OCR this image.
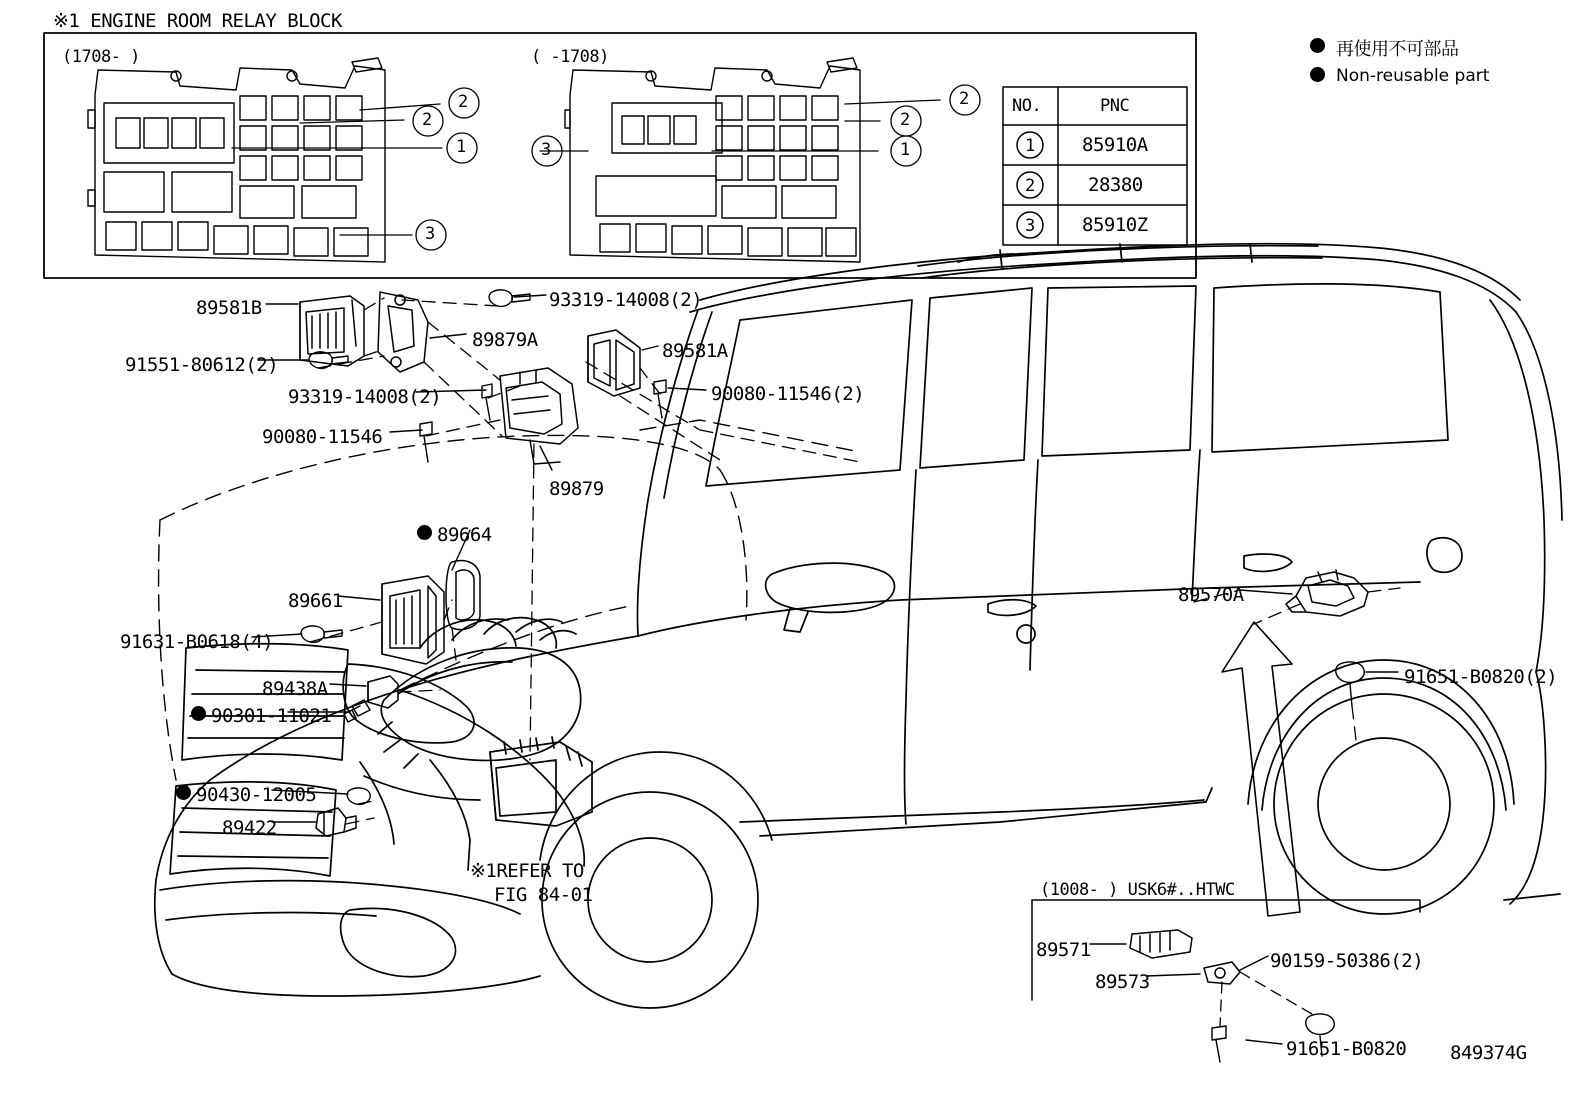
※1 ENGINE ROOM RELAY BLOCK
(1708- )	( -1708)	再使用不可部品
Non-reusable part
2
2
1
3
2
2
1
3
NO.	PNC
1 85910A
2	28380
3 85910Z
89581B	93319-14008(2)
89879A	89581A
91551-80612(2)
93319-14008(2)	90080-11546(2)
90080-11546
89879
89664
89661	89570A
91631-B0618(4)
91651-B0820(2)
89438A
90301-11021
90430-12005
89422
89571	90159-50386(2)
89573
91651-B0820
※1REFER TO
FIG 84-01	(1008- ) USK6#..HTWC
849374G
